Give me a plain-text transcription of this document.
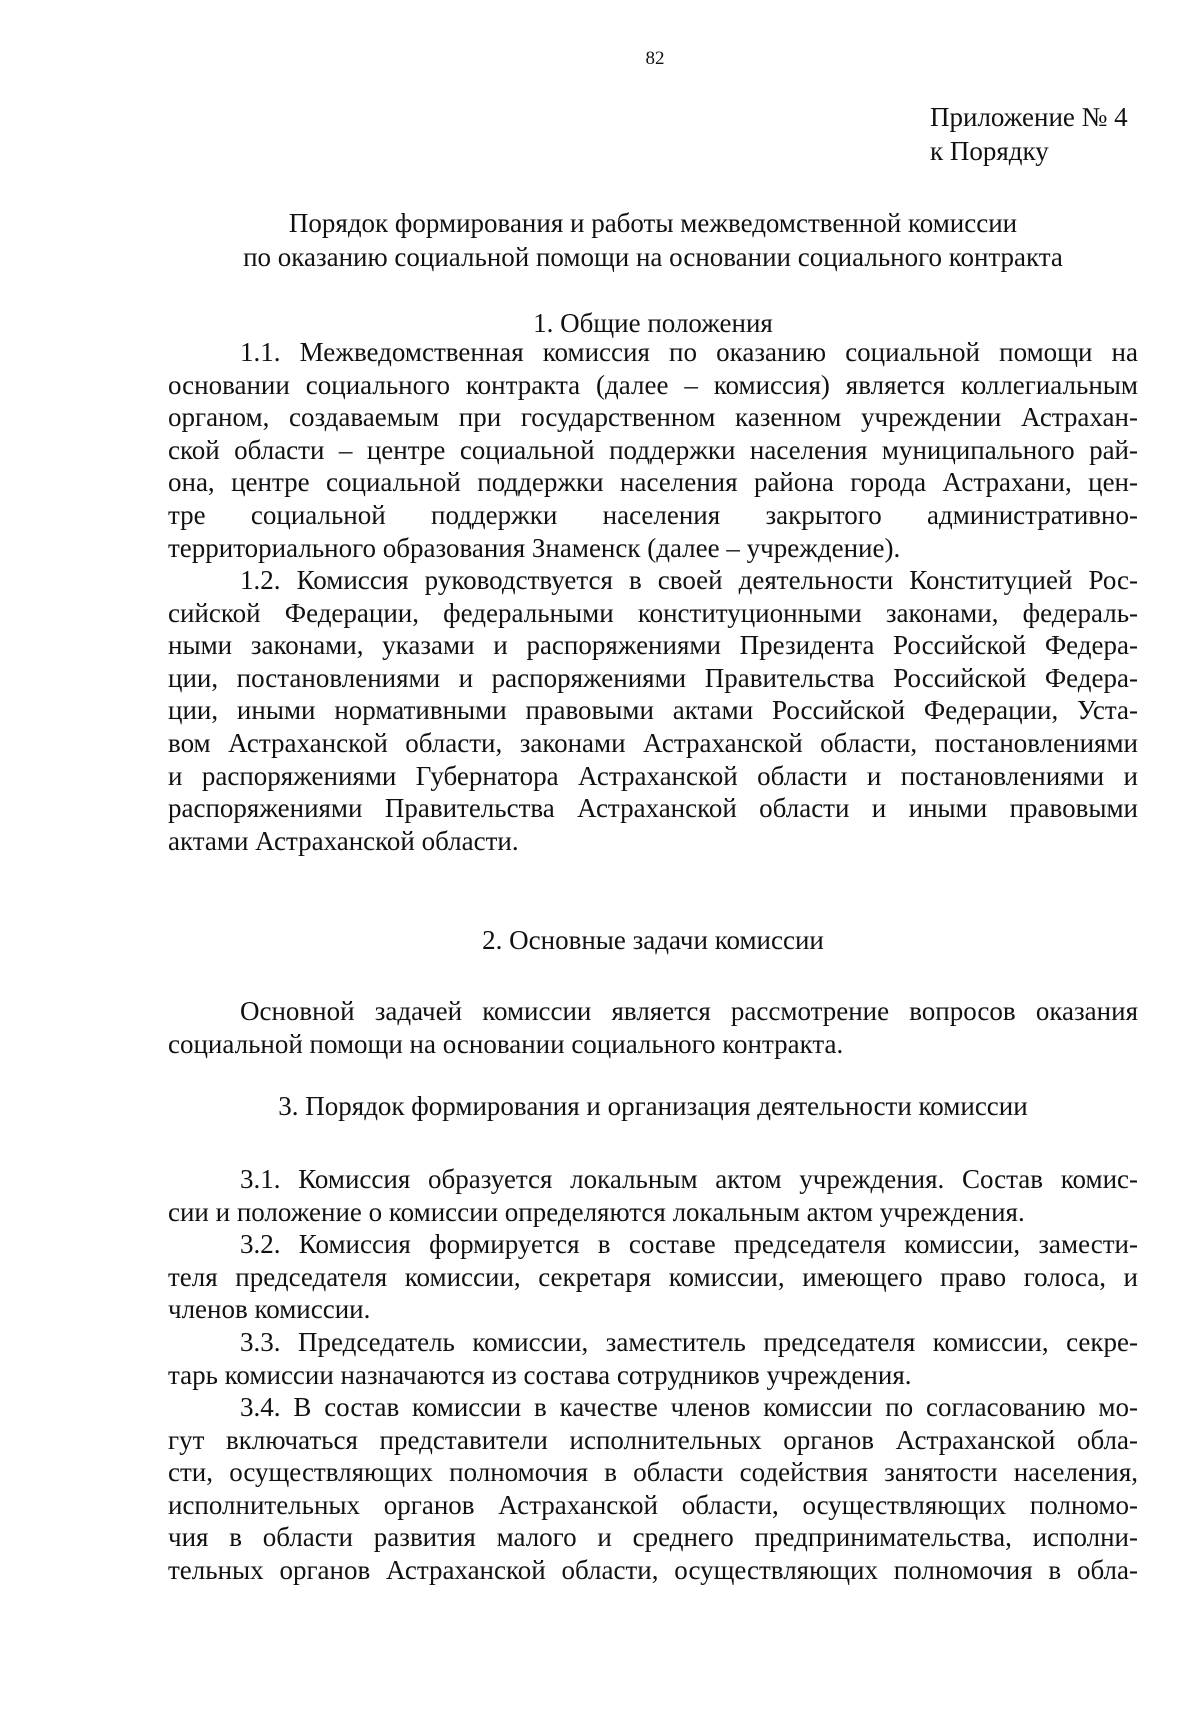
82
Приложение № 4
к Порядку
Порядок формирования и работы межведомственной комиссии
по оказанию социальной помощи на основании социального контракта
1. Общие положения
1.1. Межведомственная комиссия по оказанию социальной помощи на
основании социального контракта (далее – комиссия) является коллегиальным
органом, создаваемым при государственном казенном учреждении Астрахан-
ской области – центре социальной поддержки населения муниципального рай-
она, центре социальной поддержки населения района города Астрахани, цен-
тре социальной поддержки населения закрытого административно-
территориального образования Знаменск (далее – учреждение).
1.2. Комиссия руководствуется в своей деятельности Конституцией Рос-
сийской Федерации, федеральными конституционными законами, федераль-
ными законами, указами и распоряжениями Президента Российской Федера-
ции, постановлениями и распоряжениями Правительства Российской Федера-
ции, иными нормативными правовыми актами Российской Федерации, Уста-
вом Астраханской области, законами Астраханской области, постановлениями
и распоряжениями Губернатора Астраханской области и постановлениями и
распоряжениями Правительства Астраханской области и иными правовыми
актами Астраханской области.
2. Основные задачи комиссии
Основной задачей комиссии является рассмотрение вопросов оказания
социальной помощи на основании социального контракта.
3. Порядок формирования и организация деятельности комиссии
3.1. Комиссия образуется локальным актом учреждения. Состав комис-
сии и положение о комиссии определяются локальным актом учреждения.
3.2. Комиссия формируется в составе председателя комиссии, замести-
теля председателя комиссии, секретаря комиссии, имеющего право голоса, и
членов комиссии.
3.3. Председатель комиссии, заместитель председателя комиссии, секре-
тарь комиссии назначаются из состава сотрудников учреждения.
3.4. В состав комиссии в качестве членов комиссии по согласованию мо-
гут включаться представители исполнительных органов Астраханской обла-
сти, осуществляющих полномочия в области содействия занятости населения,
исполнительных органов Астраханской области, осуществляющих полномо-
чия в области развития малого и среднего предпринимательства, исполни-
тельных органов Астраханской области, осуществляющих полномочия в обла-
